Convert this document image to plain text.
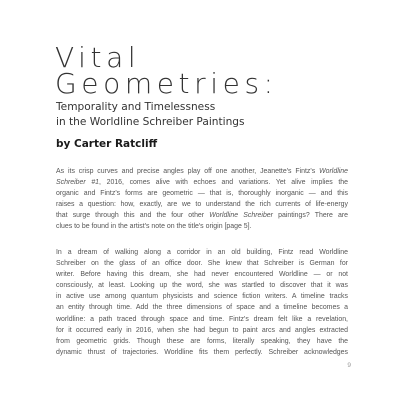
Vital
Geometries:
Temporality and Timelessness
in the Worldline Schreiber Paintings
by Carter Ratcliff
As its crisp curves and precise angles play off one another, Jeanette's Fintz's Worldline
Schreiber #1, 2016, comes alive with echoes and variations. Yet alive implies the
organic and Fintz's forms are geometric — that is, thoroughly inorganic — and this
raises a question: how, exactly, are we to understand the rich currents of life-energy
that surge through this and the four other Worldline Schreiber paintings? There are
clues to be found in the artist's note on the title's origin [page 5].
In a dream of walking along a corridor in an old building, Fintz read Worldline
Schreiber on the glass of an office door. She knew that Schreiber is German for
writer. Before having this dream, she had never encountered Worldline — or not
consciously, at least. Looking up the word, she was startled to discover that it was
in active use among quantum physicists and science fiction writers. A timeline tracks
an entity through time. Add the three dimensions of space and a timeline becomes a
worldline: a path traced through space and time. Fintz's dream felt like a revelation,
for it occurred early in 2016, when she had begun to paint arcs and angles extracted
from geometric grids. Though these are forms, literally speaking, they have the
dynamic thrust of trajectories. Worldline fits them perfectly. Schreiber acknowledges
9
